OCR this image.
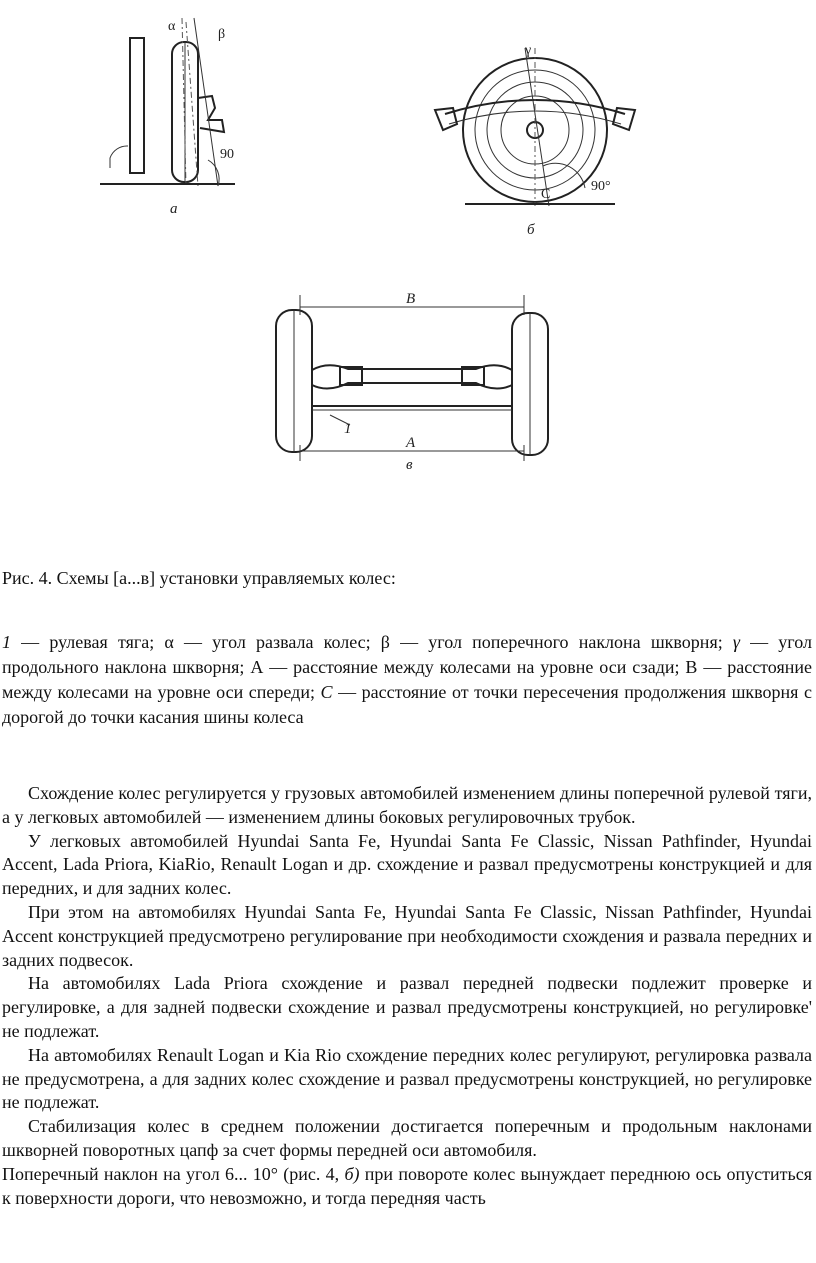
α
β
90
а
γ
C
90°
б
B
A
1
в
Рис. 4. Схемы [а...в] установки управляемых колес:
1 — рулевая тяга; α — угол развала колес; β — угол поперечного наклона шкворня; γ — угол продольного наклона шкворня; А — расстояние между колесами на уровне оси сзади; В — расстояние между колесами на уровне оси спереди; C — расстояние от точки пересечения продолжения шкворня с дорогой до точки касания шины колеса

Схождение колес регулируется у грузовых автомобилей изменением длины поперечной рулевой тяги, а у легковых автомобилей — изменением длины боковых регулировочных трубок.

У легковых автомобилей Hyundai Santa Fe, Hyundai Santa Fe Classic, Nissan Pathfinder, Hyundai Accent, Lada Priora, KiaRio, Renault Logan и др. схождение и развал предусмотрены конструкцией и для передних, и для задних колес.

При этом на автомобилях Hyundai Santa Fe, Hyundai Santa Fe Classic, Nissan Pathfinder, Hyundai Accent конструкцией предусмотрено регулирование при необходимости схождения и развала передних и задних подвесок.

На автомобилях Lada Priora схождение и развал передней подвески подлежит проверке и регулировке, а для задней подвески схождение и развал предусмотрены конструкцией, но регулировке' не подлежат.

На автомобилях Renault Logan и Kia Rio схождение передних колес регулируют, регулировка развала не предусмотрена, а для задних колес схождение и развал предусмотрены конструкцией, но регулировке не подлежат.

Стабилизация колес в среднем положении достигается поперечным и продольным наклонами шкворней поворотных цапф за счет формы передней оси автомобиля.

Поперечный наклон на угол 6... 10° (рис. 4, б) при повороте колес вынуждает переднюю ось опуститься к поверхности дороги, что невозможно, и тогда передняя часть
